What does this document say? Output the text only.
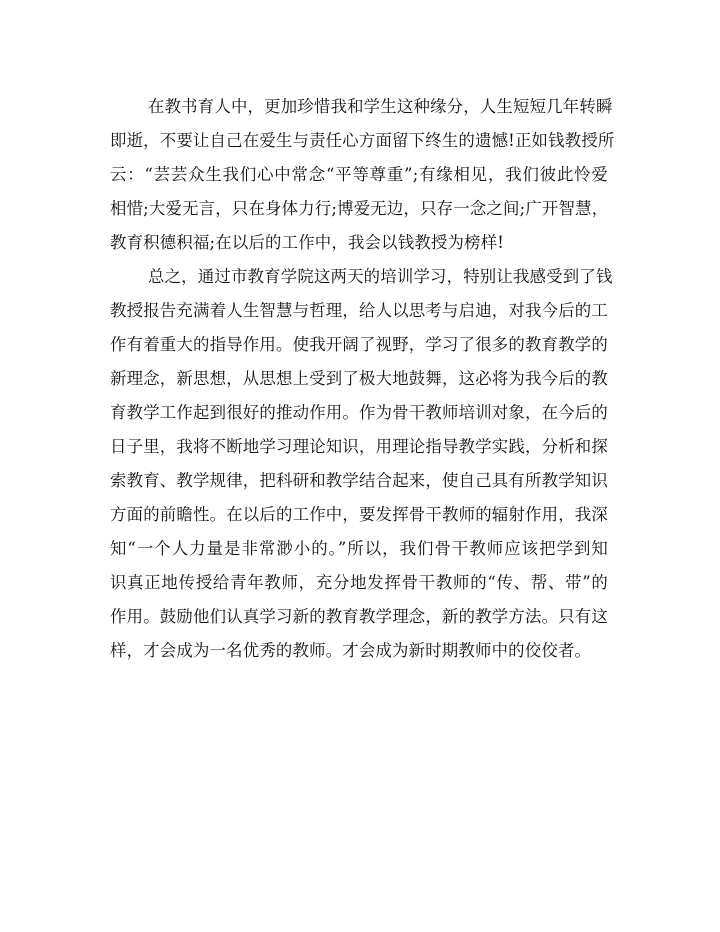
在教书育人中，更加珍惜我和学生这种缘分，人生短短几年转瞬
即逝，不要让自己在爱生与责任心方面留下终生的遗憾!正如钱教授所
云：“芸芸众生我们心中常念“平等尊重”;有缘相见，我们彼此怜爱
相惜;大爱无言，只在身体力行;博爱无边，只存一念之间;广开智慧，
教育积德积福;在以后的工作中，我会以钱教授为榜样!
总之，通过市教育学院这两天的培训学习，特别让我感受到了钱
教授报告充满着人生智慧与哲理，给人以思考与启迪，对我今后的工
作有着重大的指导作用。使我开阔了视野，学习了很多的教育教学的
新理念，新思想，从思想上受到了极大地鼓舞，这必将为我今后的教
育教学工作起到很好的推动作用。作为骨干教师培训对象，在今后的
日子里，我将不断地学习理论知识，用理论指导教学实践，分析和探
索教育、教学规律，把科研和教学结合起来，使自己具有所教学知识
方面的前瞻性。在以后的工作中，要发挥骨干教师的辐射作用，我深
知“一个人力量是非常渺小的。”所以，我们骨干教师应该把学到知
识真正地传授给青年教师，充分地发挥骨干教师的“传、帮、带”的
作用。鼓励他们认真学习新的教育教学理念，新的教学方法。只有这
样，才会成为一名优秀的教师。才会成为新时期教师中的佼佼者。
